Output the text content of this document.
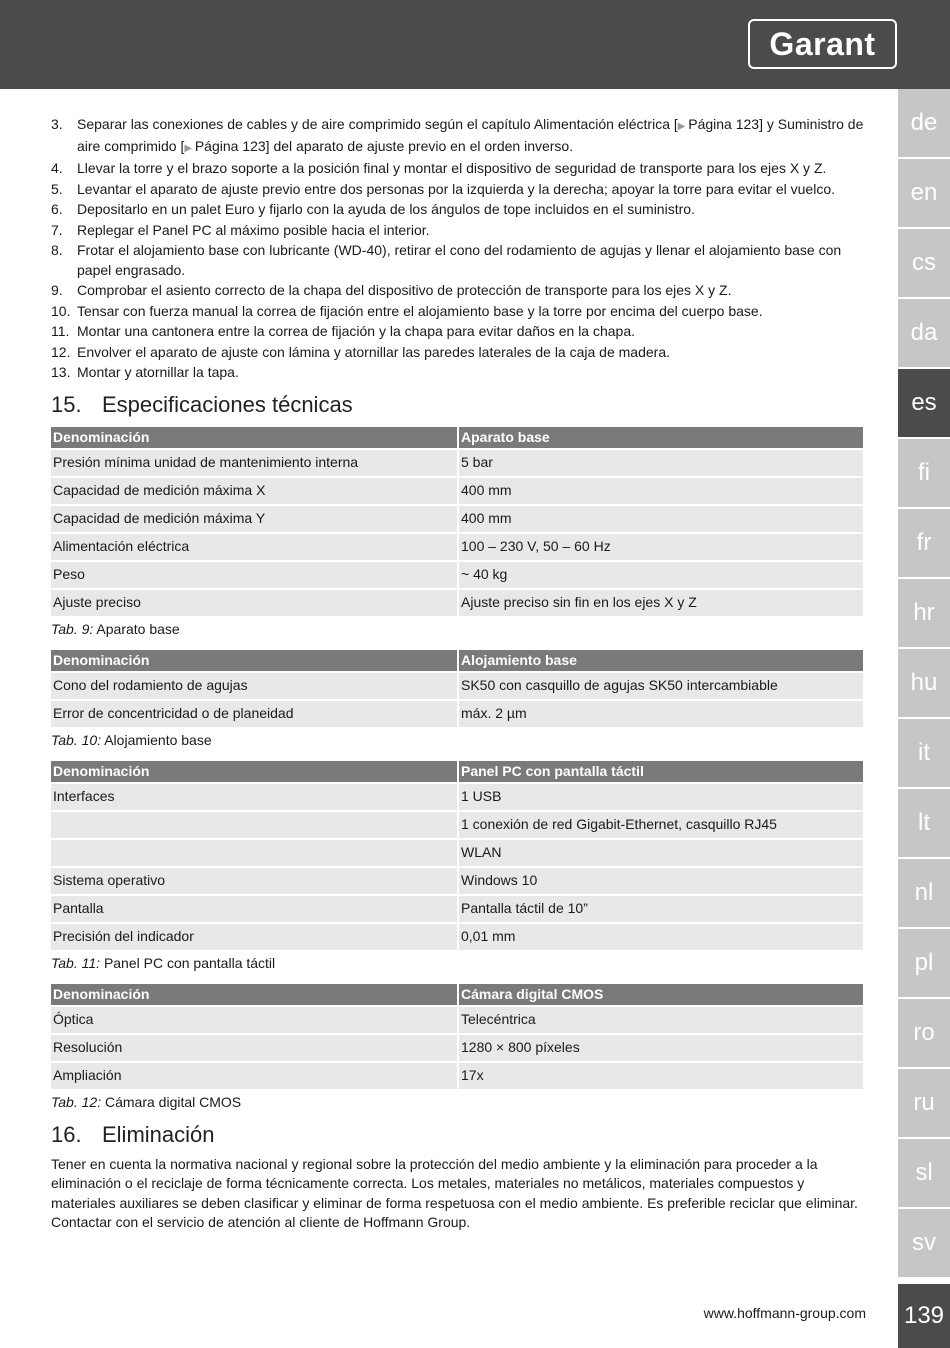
Garant
de
en
cs
da
es
fi
fr
hr
hu
it
lt
nl
pl
ro
ru
sl
sv
139
www.hoffmann-group.com
3. Separar las conexiones de cables y de aire comprimido según el capítulo Alimentación eléctrica [▶ Página 123] y Suministro de aire comprimido [▶ Página 123] del aparato de ajuste previo en el orden inverso.
4. Llevar la torre y el brazo soporte a la posición final y montar el dispositivo de seguridad de transporte para los ejes X y Z.
5. Levantar el aparato de ajuste previo entre dos personas por la izquierda y la derecha; apoyar la torre para evitar el vuelco.
6. Depositarlo en un palet Euro y fijarlo con la ayuda de los ángulos de tope incluidos en el suministro.
7. Replegar el Panel PC al máximo posible hacia el interior.
8. Frotar el alojamiento base con lubricante (WD-40), retirar el cono del rodamiento de agujas y llenar el alojamiento base con papel engrasado.
9. Comprobar el asiento correcto de la chapa del dispositivo de protección de transporte para los ejes X y Z.
10. Tensar con fuerza manual la correa de fijación entre el alojamiento base y la torre por encima del cuerpo base.
11. Montar una cantonera entre la correa de fijación y la chapa para evitar daños en la chapa.
12. Envolver el aparato de ajuste con lámina y atornillar las paredes laterales de la caja de madera.
13. Montar y atornillar la tapa.
15. Especificaciones técnicas
Denominación	Aparato base
Presión mínima unidad de mantenimiento interna	5 bar
Capacidad de medición máxima X	400 mm
Capacidad de medición máxima Y	400 mm
Alimentación eléctrica	100 – 230 V, 50 – 60 Hz
Peso	~ 40 kg
Ajuste preciso	Ajuste preciso sin fin en los ejes X y Z
Tab. 9: Aparato base
Denominación	Alojamiento base
Cono del rodamiento de agujas	SK50 con casquillo de agujas SK50 intercambiable
Error de concentricidad o de planeidad	máx. 2 µm
Tab. 10: Alojamiento base
Denominación	Panel PC con pantalla táctil
Interfaces	1 USB
	1 conexión de red Gigabit-Ethernet, casquillo RJ45
	WLAN
Sistema operativo	Windows 10
Pantalla	Pantalla táctil de 10”
Precisión del indicador	0,01 mm
Tab. 11: Panel PC con pantalla táctil
Denominación	Cámara digital CMOS
Óptica	Telecéntrica
Resolución	1280 × 800 píxeles
Ampliación	17x
Tab. 12: Cámara digital CMOS
16. Eliminación

Tener en cuenta la normativa nacional y regional sobre la protección del medio ambiente y la eliminación para proceder a la eliminación o el reciclaje de forma técnicamente correcta. Los metales, materiales no metálicos, materiales compuestos y materiales auxiliares se deben clasificar y eliminar de forma respetuosa con el medio ambiente. Es preferible reciclar que eliminar. Contactar con el servicio de atención al cliente de Hoffmann Group.
